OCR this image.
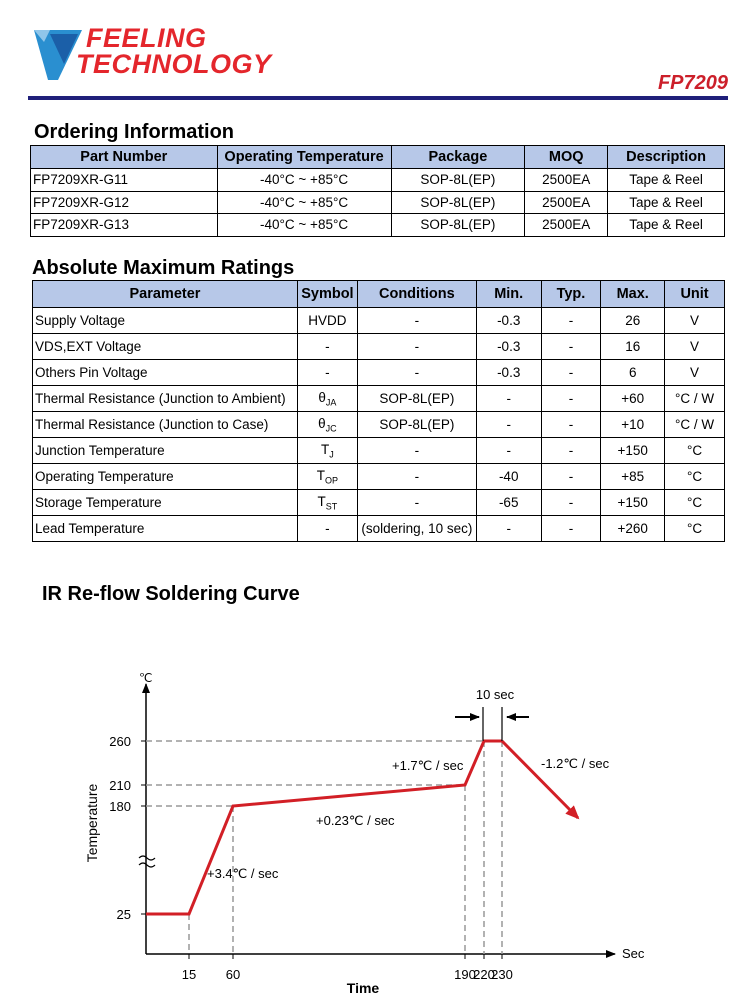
FEELING
TECHNOLOGY
FP7209
Ordering Information
Part Number	Operating Temperature	Package	MOQ	Description
FP7209XR-G11	-40°C ~ +85°C	SOP-8L(EP)	2500EA	Tape & Reel
FP7209XR-G12	-40°C ~ +85°C	SOP-8L(EP)	2500EA	Tape & Reel
FP7209XR-G13	-40°C ~ +85°C	SOP-8L(EP)	2500EA	Tape & Reel
Absolute Maximum Ratings
Parameter	Symbol	Conditions	Min.	Typ.	Max.	Unit
Supply Voltage	HVDD	-	-0.3	-	26	V
VDS,EXT Voltage	-	-	-0.3	-	16	V
Others Pin Voltage	-	-	-0.3	-	6	V
Thermal Resistance (Junction to Ambient)	$\theta_{JA}$	SOP-8L(EP)	-	-	+60	°C / W
Thermal Resistance (Junction to Case)	$\theta_{JC}$	SOP-8L(EP)	-	-	+10	°C / W
Junction Temperature	$T_J$	-	-	-	+150	°C
Operating Temperature	$T_{OP}$	-	-40	-	+85	°C
Storage Temperature	$T_{ST}$	-	-65	-	+150	°C
Lead Temperature	-	(soldering, 10 sec)	-	-	+260	°C
IR Re-flow Soldering Curve
15 60	190
220
230
25
180
210
260
℃
Sec
Time
Temperature
10 sec
+1.7℃ / sec
+0.23℃ / sec
+3.4℃ / sec
-1.2℃ / sec
